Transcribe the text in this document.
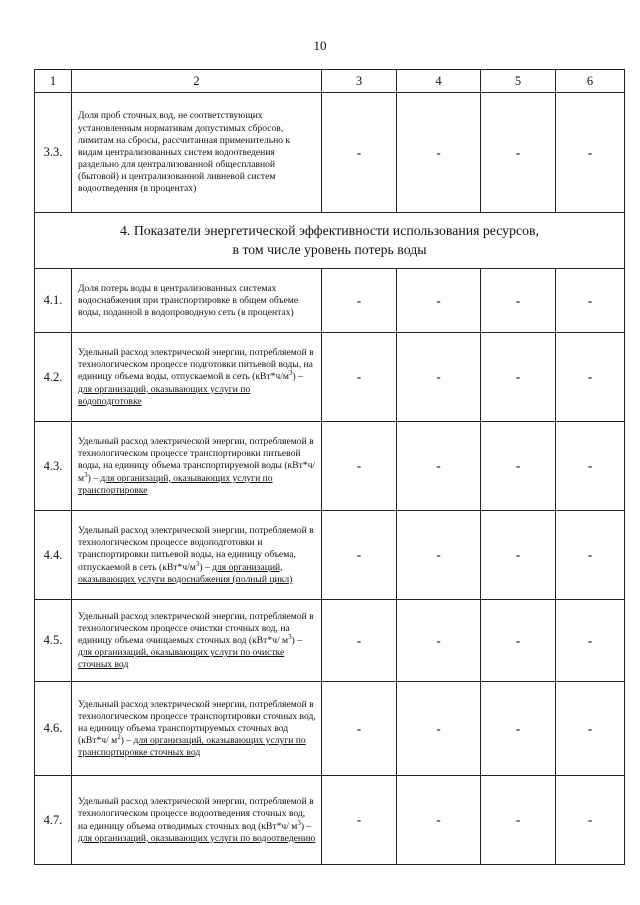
10
1	2	3	4	5	6
3.3.	Доля проб сточных вод, не соответствующих установленным нормативам допустимых сбросов, лимитам на сбросы, рассчитанная применительно к видам централизованных систем водоотведения раздельно для централизованной общесплавной (бытовой) и централизованной ливневой систем водоотведения (в процентах)	-	-	-	-
4. Показатели энергетической эффективности использования ресурсов,
в том числе уровень потерь воды					
4.1.	Доля потерь воды в централизованных системах водоснабжения при транспортировке в общем объеме воды, поданной в водопроводную сеть (в процентах)	-	-	-	-
4.2.	Удельный расход электрической энергии, потребляемой в технологическом процессе подготовки питьевой воды, на единицу объема воды, отпускаемой в сеть $(кВт*ч/м^3)$ – для организаций, оказывающих услуги по водоподготовке	-	-	-	-
4.3.	Удельный расход электрической энергии, потребляемой в технологическом процессе транспортировки питьевой воды, на единицу объема транспортируемой воды $(кВт*ч/м^3)$ – для организаций, оказывающих услуги по транспортировке	-	-	-	-
4.4.	Удельный расход электрической энергии, потребляемой в технологическом процессе водоподготовки и транспортировки питьевой воды, на единицу объема, отпускаемой в сеть $(кВт*ч/м^3)$ – для организаций, оказывающих услуги водоснабжения (полный цикл)	-	-	-	-
4.5.	Удельный расход электрической энергии, потребляемой в технологическом процессе очистки сточных вод, на единицу объема очищаемых сточных вод (кВт*ч/ $м^3$) – для организаций, оказывающих услуги по очистке сточных вод	-	-	-	-
4.6.	Удельный расход электрической энергии, потребляемой в технологическом процессе транспортировки сточных вод, на единицу объема транспортируемых сточных вод (кВт*ч/ $м^2$) – для организаций, оказывающих услуги по транспортировке сточных вод	-	-	-	-
4.7.	Удельный расход электрической энергии, потребляемой в технологическом процессе водоотведения сточных вод, на единицу объема отводимых сточных вод (кВт*ч/ $м^3$) – для организаций, оказывающих услуги по водоотведению	-	-	-	-
